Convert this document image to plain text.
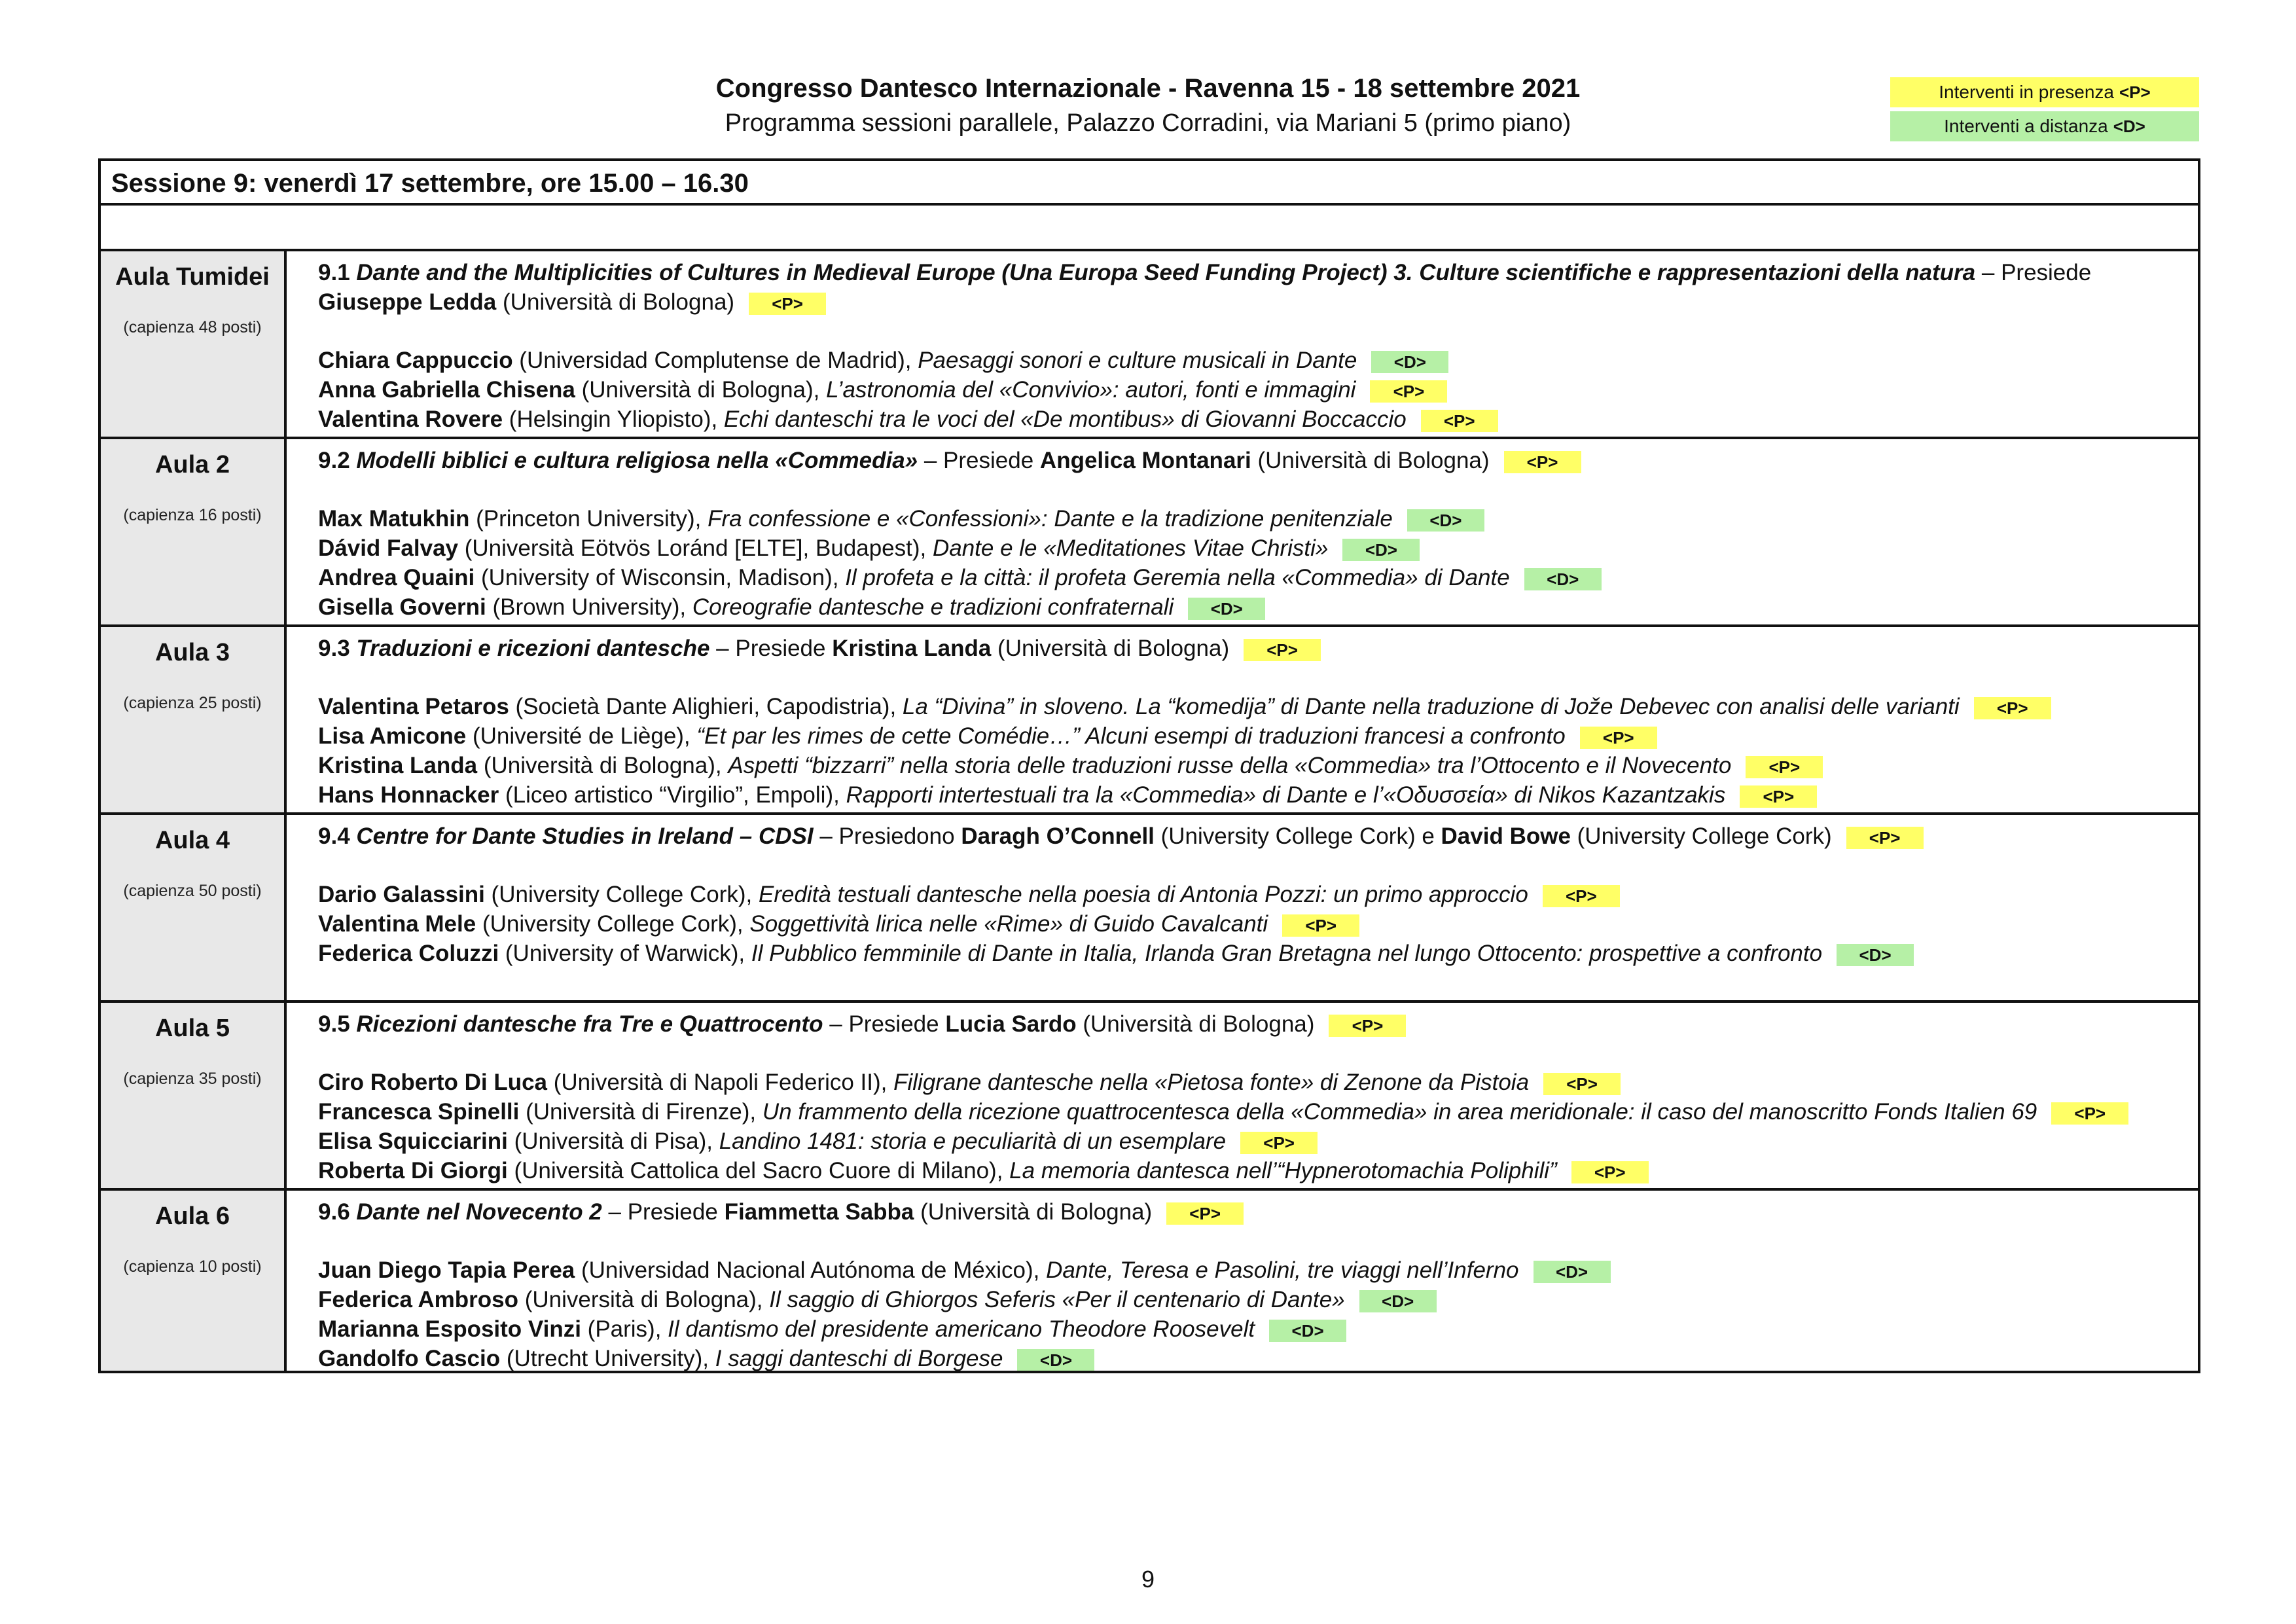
Congresso Dantesco Internazionale - Ravenna 15 - 18 settembre 2021
Programma sessioni parallele, Palazzo Corradini, via Mariani 5 (primo piano)
Interventi in presenza <P>
Interventi a distanza <D>
Sessione 9: venerdì 17 settembre, ore 15.00 – 16.30
Aula Tumidei
(capienza 48 posti)
9.1 Dante and the Multiplicities of Cultures in Medieval Europe (Una Europa Seed Funding Project) 3. Culture scientifiche e rappresentazioni della natura – Presiede Giuseppe Ledda (Università di Bologna) <P>
Chiara Cappuccio (Universidad Complutense de Madrid), Paesaggi sonori e culture musicali in Dante <D>
Anna Gabriella Chisena (Università di Bologna), L’astronomia del «Convivio»: autori, fonti e immagini <P>
Valentina Rovere (Helsingin Yliopisto), Echi danteschi tra le voci del «De montibus» di Giovanni Boccaccio <P>
Aula 2
(capienza 16 posti)
9.2 Modelli biblici e cultura religiosa nella «Commedia» – Presiede Angelica Montanari (Università di Bologna) <P>
Max Matukhin (Princeton University), Fra confessione e «Confessioni»: Dante e la tradizione penitenziale <D>
Dávid Falvay (Università Eötvös Loránd [ELTE], Budapest), Dante e le «Meditationes Vitae Christi» <D>
Andrea Quaini (University of Wisconsin, Madison), Il profeta e la città: il profeta Geremia nella «Commedia» di Dante <D>
Gisella Governi (Brown University), Coreografie dantesche e tradizioni confraternali <D>
Aula 3
(capienza 25 posti)
9.3 Traduzioni e ricezioni dantesche – Presiede Kristina Landa (Università di Bologna) <P>
Valentina Petaros (Società Dante Alighieri, Capodistria), La “Divina” in sloveno. La “komedija” di Dante nella traduzione di Jože Debevec con analisi delle varianti <P>
Lisa Amicone (Université de Liège), “Et par les rimes de cette Comédie…” Alcuni esempi di traduzioni francesi a confronto <P>
Kristina Landa (Università di Bologna), Aspetti “bizzarri” nella storia delle traduzioni russe della «Commedia» tra l’Ottocento e il Novecento <P>
Hans Honnacker (Liceo artistico “Virgilio”, Empoli), Rapporti intertestuali tra la «Commedia» di Dante e l’«Οδυσσεία» di Nikos Kazantzakis <P>
Aula 4
(capienza 50 posti)
9.4 Centre for Dante Studies in Ireland – CDSI – Presiedono Daragh O’Connell (University College Cork) e David Bowe (University College Cork) <P>
Dario Galassini (University College Cork), Eredità testuali dantesche nella poesia di Antonia Pozzi: un primo approccio <P>
Valentina Mele (University College Cork), Soggettività lirica nelle «Rime» di Guido Cavalcanti <P>
Federica Coluzzi (University of Warwick), Il Pubblico femminile di Dante in Italia, Irlanda Gran Bretagna nel lungo Ottocento: prospettive a confronto <D>
Aula 5
(capienza 35 posti)
9.5 Ricezioni dantesche fra Tre e Quattrocento – Presiede Lucia Sardo (Università di Bologna) <P>
Ciro Roberto Di Luca (Università di Napoli Federico II), Filigrane dantesche nella «Pietosa fonte» di Zenone da Pistoia <P>
Francesca Spinelli (Università di Firenze), Un frammento della ricezione quattrocentesca della «Commedia» in area meridionale: il caso del manoscritto Fonds Italien 69 <P>
Elisa Squicciarini (Università di Pisa), Landino 1481: storia e peculiarità di un esemplare <P>
Roberta Di Giorgi (Università Cattolica del Sacro Cuore di Milano), La memoria dantesca nell’“Hypnerotomachia Poliphili” <P>
Aula 6
(capienza 10 posti)
9.6 Dante nel Novecento 2 – Presiede Fiammetta Sabba (Università di Bologna) <P>
Juan Diego Tapia Perea (Universidad Nacional Autónoma de México), Dante, Teresa e Pasolini, tre viaggi nell’Inferno <D>
Federica Ambroso (Università di Bologna), Il saggio di Ghiorgos Seferis «Per il centenario di Dante» <D>
Marianna Esposito Vinzi (Paris), Il dantismo del presidente americano Theodore Roosevelt <D>
Gandolfo Cascio (Utrecht University), I saggi danteschi di Borgese <D>
9
